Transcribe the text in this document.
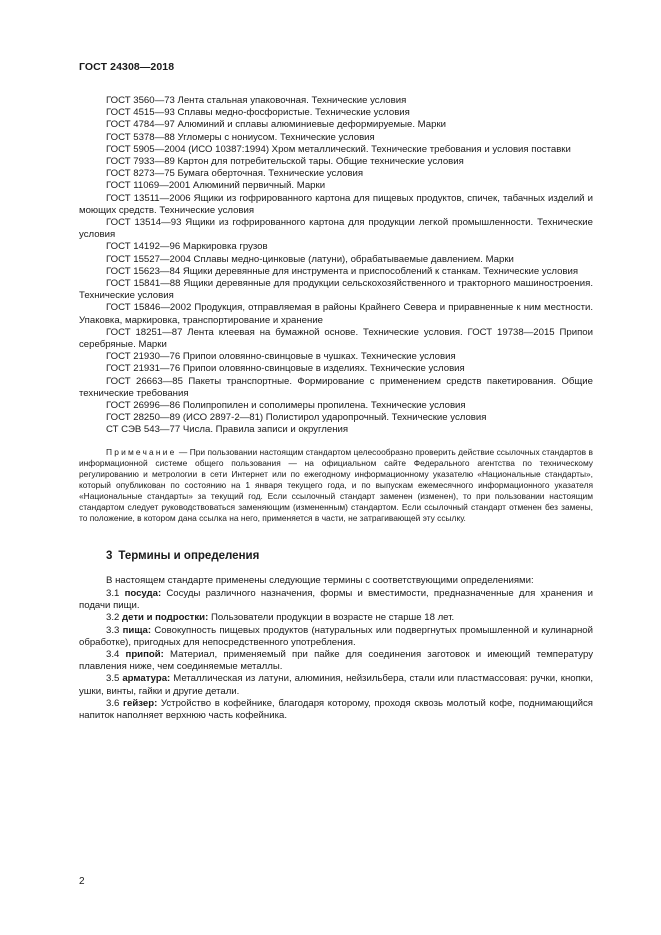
ГОСТ 24308—2018

ГОСТ 3560—73 Лента стальная упаковочная. Технические условия

ГОСТ 4515—93 Сплавы медно-фосфористые. Технические условия

ГОСТ 4784—97 Алюминий и сплавы алюминиевые деформируемые. Марки

ГОСТ 5378—88 Угломеры с нониусом. Технические условия

ГОСТ 5905—2004 (ИСО 10387:1994) Хром металлический. Технические требования и условия поставки

ГОСТ 7933—89 Картон для потребительской тары. Общие технические условия

ГОСТ 8273—75 Бумага оберточная. Технические условия

ГОСТ 11069—2001 Алюминий первичный. Марки

ГОСТ 13511—2006 Ящики из гофрированного картона для пищевых продуктов, спичек, табачных изделий и моющих средств. Технические условия

ГОСТ 13514—93 Ящики из гофрированного картона для продукции легкой промышленности. Технические условия

ГОСТ 14192—96 Маркировка грузов

ГОСТ 15527—2004 Сплавы медно-цинковые (латуни), обрабатываемые давлением. Марки

ГОСТ 15623—84 Ящики деревянные для инструмента и приспособлений к станкам. Технические условия

ГОСТ 15841—88 Ящики деревянные для продукции сельскохозяйственного и тракторного машиностроения. Технические условия

ГОСТ 15846—2002 Продукция, отправляемая в районы Крайнего Севера и приравненные к ним местности. Упаковка, маркировка, транспортирование и хранение

ГОСТ 18251—87 Лента клеевая на бумажной основе. Технические условия. ГОСТ 19738—2015 Припои серебряные. Марки

ГОСТ 21930—76 Припои оловянно-свинцовые в чушках. Технические условия

ГОСТ 21931—76 Припои оловянно-свинцовые в изделиях. Технические условия

ГОСТ 26663—85 Пакеты транспортные. Формирование с применением средств пакетирования. Общие технические требования

ГОСТ 26996—86 Полипропилен и сополимеры пропилена. Технические условия

ГОСТ 28250—89 (ИСО 2897-2—81) Полистирол ударопрочный. Технические условия

СТ СЭВ 543—77 Числа. Правила записи и округления

Примечание — При пользовании настоящим стандартом целесообразно проверить действие ссылочных стандартов в информационной системе общего пользования — на официальном сайте Федерального агентства по техническому регулированию и метрологии в сети Интернет или по ежегодному информационному указателю «Национальные стандарты», который опубликован по состоянию на 1 января текущего года, и по выпускам ежемесячного информационного указателя «Национальные стандарты» за текущий год. Если ссылочный стандарт заменен (изменен), то при пользовании настоящим стандартом следует руководствоваться заменяющим (измененным) стандартом. Если ссылочный стандарт отменен без замены, то положение, в котором дана ссылка на него, применяется в части, не затрагивающей эту ссылку.

3 Термины и определения

В настоящем стандарте применены следующие термины с соответствующими определениями:

3.1 посуда: Сосуды различного назначения, формы и вместимости, предназначенные для хранения и подачи пищи.

3.2 дети и подростки: Пользователи продукции в возрасте не старше 18 лет.

3.3 пища: Совокупность пищевых продуктов (натуральных или подвергнутых промышленной и кулинарной обработке), пригодных для непосредственного употребления.

3.4 припой: Материал, применяемый при пайке для соединения заготовок и имеющий температуру плавления ниже, чем соединяемые металлы.

3.5 арматура: Металлическая из латуни, алюминия, нейзильбера, стали или пластмассовая: ручки, кнопки, ушки, винты, гайки и другие детали.

3.6 гейзер: Устройство в кофейнике, благодаря которому, проходя сквозь молотый кофе, поднимающийся напиток наполняет верхнюю часть кофейника.

2
